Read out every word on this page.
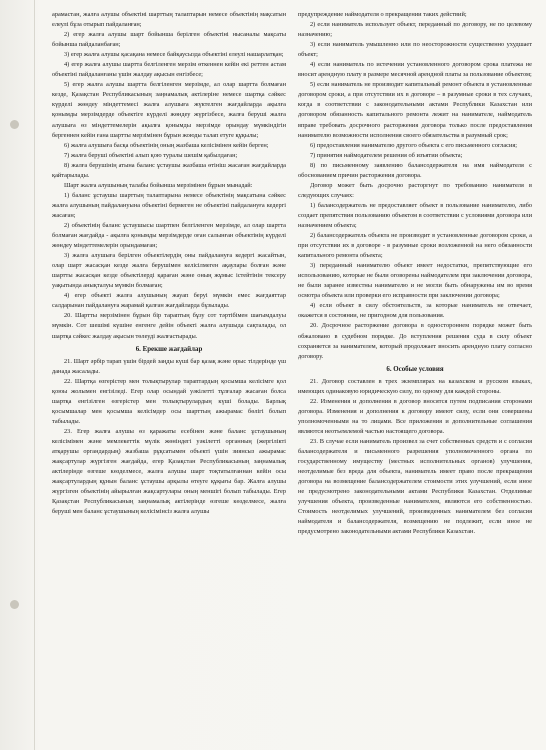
арамастан, жалға алушы объектіні шарттың талаптарын немесе объектінің мақсатын елеулі бұза отырып пайдаланған;

2) егер жалға алушы шарт бойынша берілген объектіні нысаналы мақсаты бойынша пайдаланбаған;

3) егер жалға алушы қасақана немесе байқаусызда объектіні елеулі нашарлатқан;

4) егер жалға алушы шартта белгіленген мерзім өткеннен кейін екі реттен астам объектіні пайдаланғаны үшін жалдау ақысын енгізбесе;

5) егер жалға алушы шартта белгіленген мерзімде, ал олар шартта болмаған кезде, Қазақстан Республикасының заңнамалық актілеріне немесе шартқа сәйкес күрделі жөндеу міндеттемесі жалға алушыға жүктелген жағдайларда ақылға қонымды мерзімдерде объектіге күрделі жөндеу жүргізбесе, жалға беруші жалға алушыға өз міндеттемелерін ақылға қонымды мерзімде орындау мүмкіндігін бергеннен кейін ғана шартты мерзімінен бұрын жоюды талап етуге құқылы;

6) жалға алушыға басқа объектінің оның жазбаша келісімінен кейін берген;

7) жалға беруші объектіні алып қою туралы шешім қабылдаған;

8) жалға берушінің атына баланс ұстаушы жазбаша өтініш жасаған жағдайларда қайтарылады.

Шарт жалға алушының талабы бойынша мерзімінен бұрын мынадай:

1) баланс ұстаушы шарттың талаптарына немесе объектінің мақсатына сәйкес жалға алушының пайдалануына объектіні бермеген не объектіні пайдалануға кедергі жасаған;

2) объектінің баланс ұстаушысы шартпен белгіленген мерзімде, ал олар шартта болмаған жағдайда - ақылға қонымды мерзімдерде оған салынған объектінің күрделі жөндеу міндеттемелерін орындамаған;

3) жалға алушыға берілген объектілердің оны пайдалануға кедергі жасайтын, олар шарт жасасқан кезде жалға берушімен келісілмеген ақаулары болған және шартты жасасқан кезде объектілерді қараған және оның жұмыс істейтінін тексеру уақытында анықталуы мүмкін болмаған;

4) егер объекті жалға алушының жауап беруі мүмкін емес жағдаяттар салдарынан пайдалануға жарамай қалған жағдайларда бұзылады.

20. Шартты мерзімінен бұрын бір тараптың бұзу сот тәртібімен шағымдалуы мүмкін. Сот шешімі күшіне енгенге дейін объекті жалға алушыда сақталады, ол шартқа сәйкес жалдау ақысын төлеуді жалғастырады.

6. Ерекше жағдайлар

21. Шарт әрбір тарап үшін бірдей заңды күші бар қазақ және орыс тілдерінде үш данада жасалады.

22. Шартқа өзгерістер мен толықтырулар тараптардың қосымша келісімге қол қоюы жолымен енгізіледі. Егер олар осындай уәкілетті тұлғалар жасаған болса шартқа енгізілген өзгерістер мен толықтырулардың күші болады. Барлық қосымшалар мен қосымша келісімдер осы шарттың ажырамас бөлігі болып табылады.

23. Егер жалға алушы өз қаражаты есебінен және баланс ұстаушының келісімімен және мемлекеттік мүлік жөніндегі уәкілетті органның (жергілікті атқарушы органдардың) жазбаша рұқсатымен объекті үшін зиянсыз ажырамас жақсартулар жүргізген жағдайда, егер Қазақстан Республикасының заңнамалық актілерінде өзгеше көзделмесе, жалға алушы шарт тоқтатылғаннан кейін осы жақсартулардың құнын баланс ұстаушы арқылы өтеуге құқығы бар. Жалға алушы жүргізген объектінің айырылған жақсартулары оның меншігі болып табылады. Егер Қазақстан Республикасының заңнамалық актілерінде өзгеше көзделмесе, жалға беруші мен баланс ұстаушының келісімінсіз жалға алушы

предупреждение наймодателя о прекращении таких действий;

2) если наниматель использует объект, переданный по договору, не по целевому назначению;

3) если наниматель умышленно или по неосторожности существенно ухудшает объект;

4) если наниматель по истечении установленного договором срока платежа не вносит арендную плату в размере месячной арендной платы за пользование объектом;

5) если наниматель не производит капитальный ремонт объекта в установленные договором сроки, а при отсутствии их в договоре – в разумные сроки в тех случаях, когда в соответствии с законодательными актами Республики Казахстан или договором обязанность капитального ремонта лежит на нанимателе, наймодатель вправе требовать досрочного расторжения договора только после предоставления нанимателю возможности исполнения своего обязательства в разумный срок;

6) предоставления нанимателю другого объекта с его письменного согласия;

7) принятия наймодателем решения об изъятии объекта;

8) по письменному заявлению балансодержателя на имя наймодателя с обоснованием причин расторжения договора.

Договор может быть досрочно расторгнут по требованию нанимателя в следующих случаях:

1) балансодержатель не предоставляет объект в пользование нанимателю, либо создает препятствия пользованию объектом в соответствии с условиями договора или назначением объекта;

2) балансодержатель объекта не производит в установленные договором сроки, а при отсутствии их в договоре - в разумные сроки возложенной на него обязанности капитального ремонта объекта;

3) переданный нанимателю объект имеет недостатки, препятствующие его использованию, которые не были оговорены наймодателем при заключении договора, не были заранее известны нанимателю и не могли быть обнаружены им во время осмотра объекта или проверки его исправности при заключении договора;

4) если объект в силу обстоятельств, за которые наниматель не отвечает, окажется в состоянии, не пригодном для пользования.

20. Досрочное расторжение договора в одностороннем порядке может быть обжаловано в судебном порядке. До вступления решения суда в силу объект сохраняется за нанимателем, который продолжает вносить арендную плату согласно договору.

6. Особые условия

21. Договор составлен в трех экземплярах на казахском и русском языках, имеющих одинаковую юридическую силу, по одному для каждой стороны.

22. Изменения и дополнения в договор вносятся путем подписания сторонами договора. Изменения и дополнения к договору имеют силу, если они совершены уполномоченными на то лицами. Все приложения и дополнительные соглашения являются неотъемлемой частью настоящего договора.

23. В случае если наниматель произвел за счет собственных средств и с согласия балансодержателя и письменного разрешения уполномоченного органа по государственному имуществу (местных исполнительных органов) улучшения, неотделимые без вреда для объекта, наниматель имеет право после прекращения договора на возмещение балансодержателем стоимости этих улучшений, если иное не предусмотрено законодательными актами Республики Казахстан. Отделимые улучшения объекта, произведенные нанимателем, являются его собственностью. Стоимость неотделимых улучшений, произведенных нанимателем без согласия наймодателя и балансодержателя, возмещению не подлежит, если иное не предусмотрено законодательными актами Республики Казахстан.
